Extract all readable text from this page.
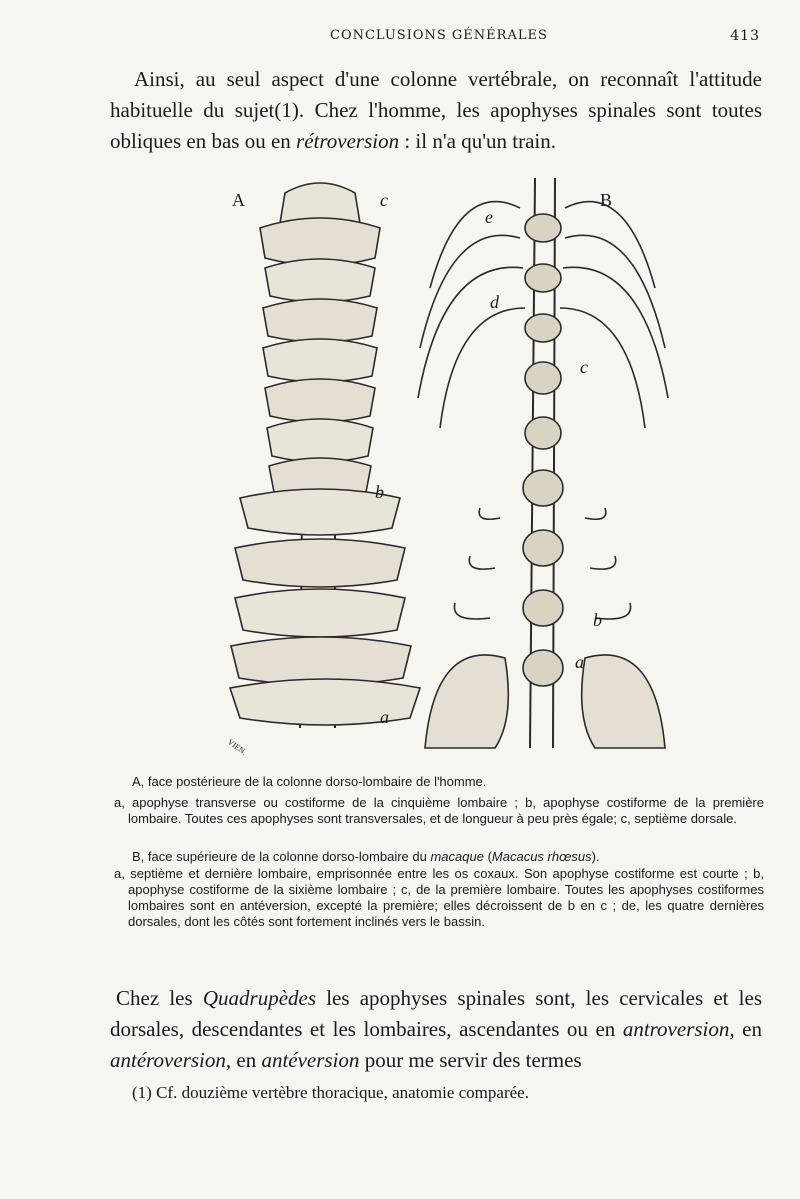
CONCLUSIONS GÉNÉRALES	413
Ainsi, au seul aspect d'une colonne vertébrale, on reconnaît l'attitude habituelle du sujet(1). Chez l'homme, les apophyses spinales sont toutes obliques en bas ou en rétroversion : il n'a qu'un train.
A	c
b
a
B
e
d
c
b
a
VIEN.
A, face postérieure de la colonne dorso-lombaire de l'homme.

a, apophyse transverse ou costiforme de la cinquième lombaire ; b, apophyse costiforme de la première lombaire. Toutes ces apophyses sont transversales, et de longueur à peu près égale; c, septième dorsale.

B, face supérieure de la colonne dorso-lombaire du macaque (Macacus rhœsus).

a, septième et dernière lombaire, emprisonnée entre les os coxaux. Son apophyse costiforme est courte ; b, apophyse costiforme de la sixième lombaire ; c, de la première lombaire. Toutes les apophyses costiformes lombaires sont en antéversion, excepté la première; elles décroissent de b en c ; de, les quatre dernières dorsales, dont les côtés sont fortement inclinés vers le bassin.

Chez les Quadrupèdes les apophyses spinales sont, les cervicales et les dorsales, descendantes et les lombaires, ascendantes ou en antroversion, en antéroversion, en antéversion pour me servir des termes
(1) Cf. douzième vertèbre thoracique, anatomie comparée.
